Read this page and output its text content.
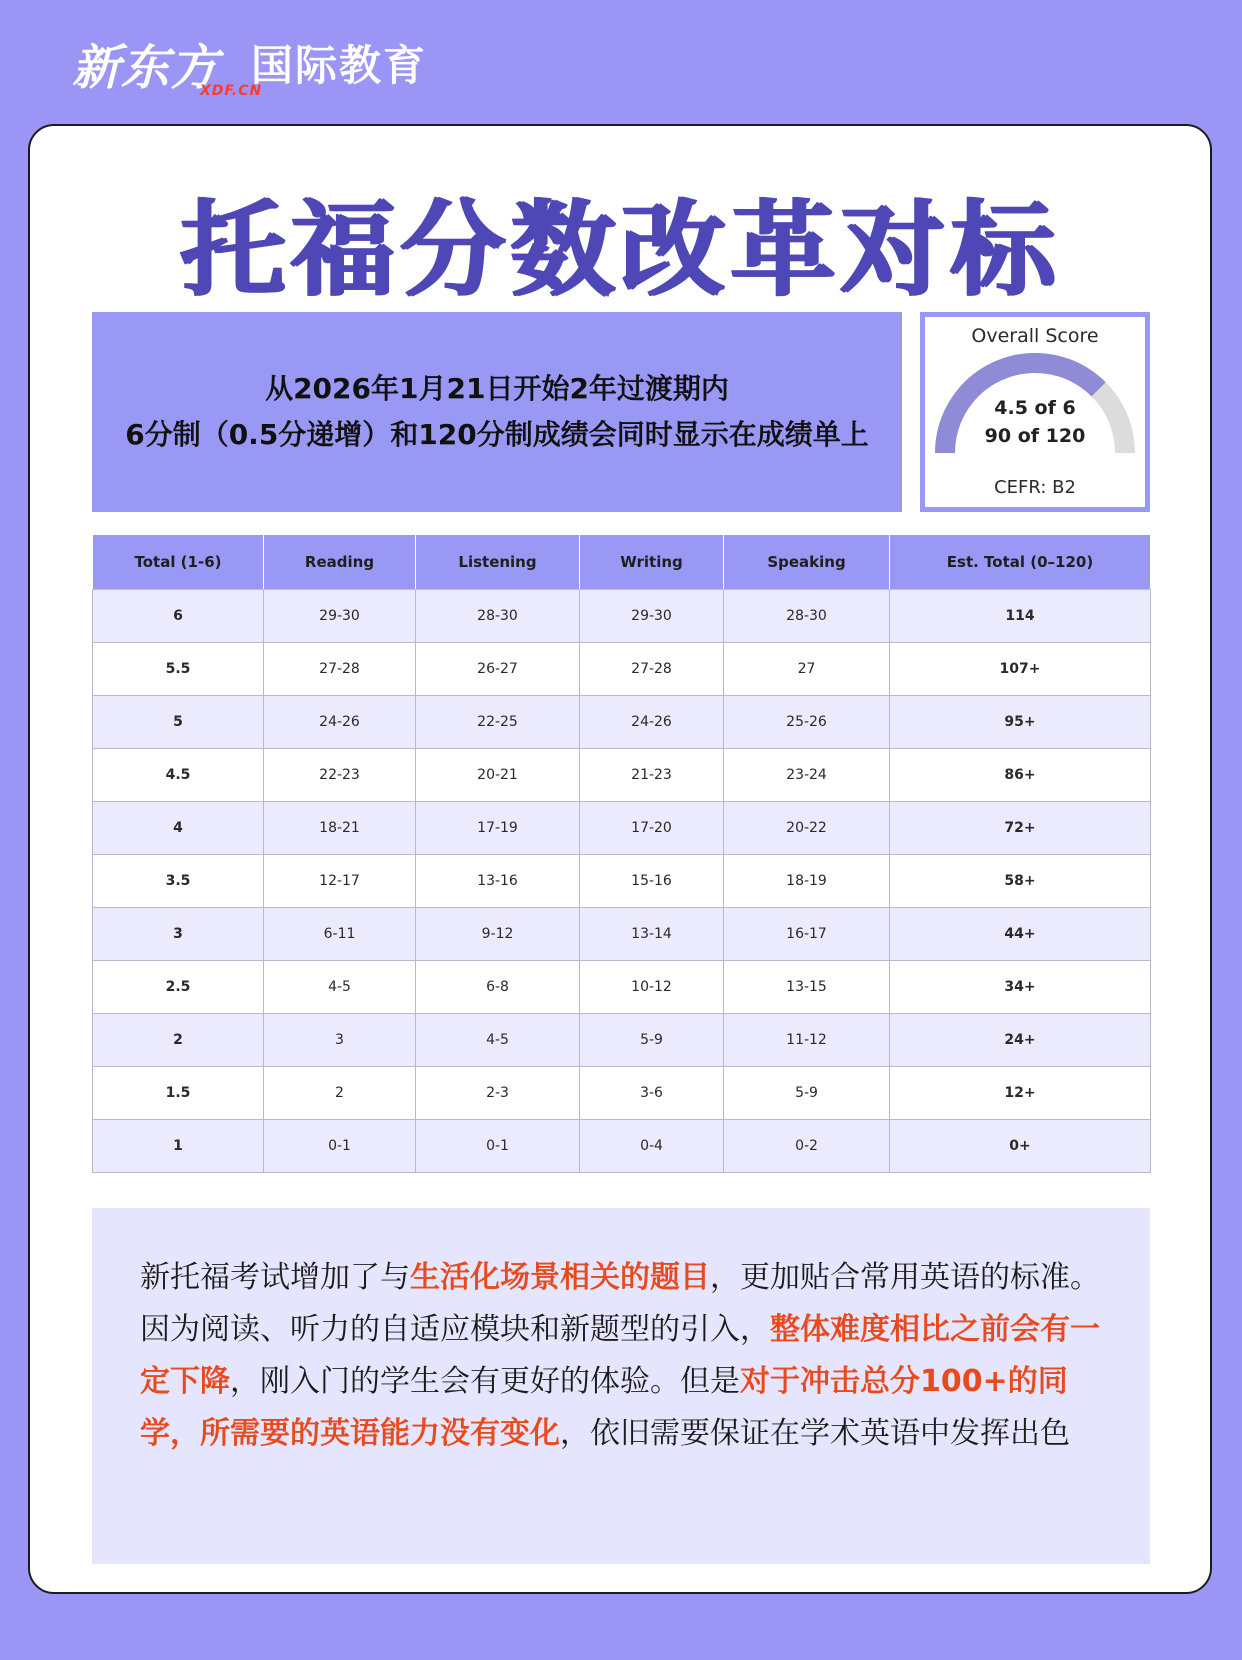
新东方
XDF.CN
国际教育
托福分数改革对标
从2026年1月21日开始2年过渡期内
6分制（0.5分递增）和120分制成绩会同时显示在成绩单上
Overall Score
4.5 of 6
90 of 120
CEFR: B2
Total (1-6)	Reading	Listening	Writing	Speaking	Est. Total (0–120)
6	29-30	28-30	29-30	28-30	114
5.5	27-28	26-27	27-28	27	107+
5	24-26	22-25	24-26	25-26	95+
4.5	22-23	20-21	21-23	23-24	86+
4	18-21	17-19	17-20	20-22	72+
3.5	12-17	13-16	15-16	18-19	58+
3	6-11	9-12	13-14	16-17	44+
2.5	4-5	6-8	10-12	13-15	34+
2	3	4-5	5-9	11-12	24+
1.5	2	2-3	3-6	5-9	12+
1	0-1	0-1	0-4	0-2	0+
新托福考试增加了与生活化场景相关的题目，更加贴合常用英语的标准。因为阅读、听力的自适应模块和新题型的引入，整体难度相比之前会有一定下降，刚入门的学生会有更好的体验。但是对于冲击总分100+的同学，所需要的英语能力没有变化，依旧需要保证在学术英语中发挥出色
